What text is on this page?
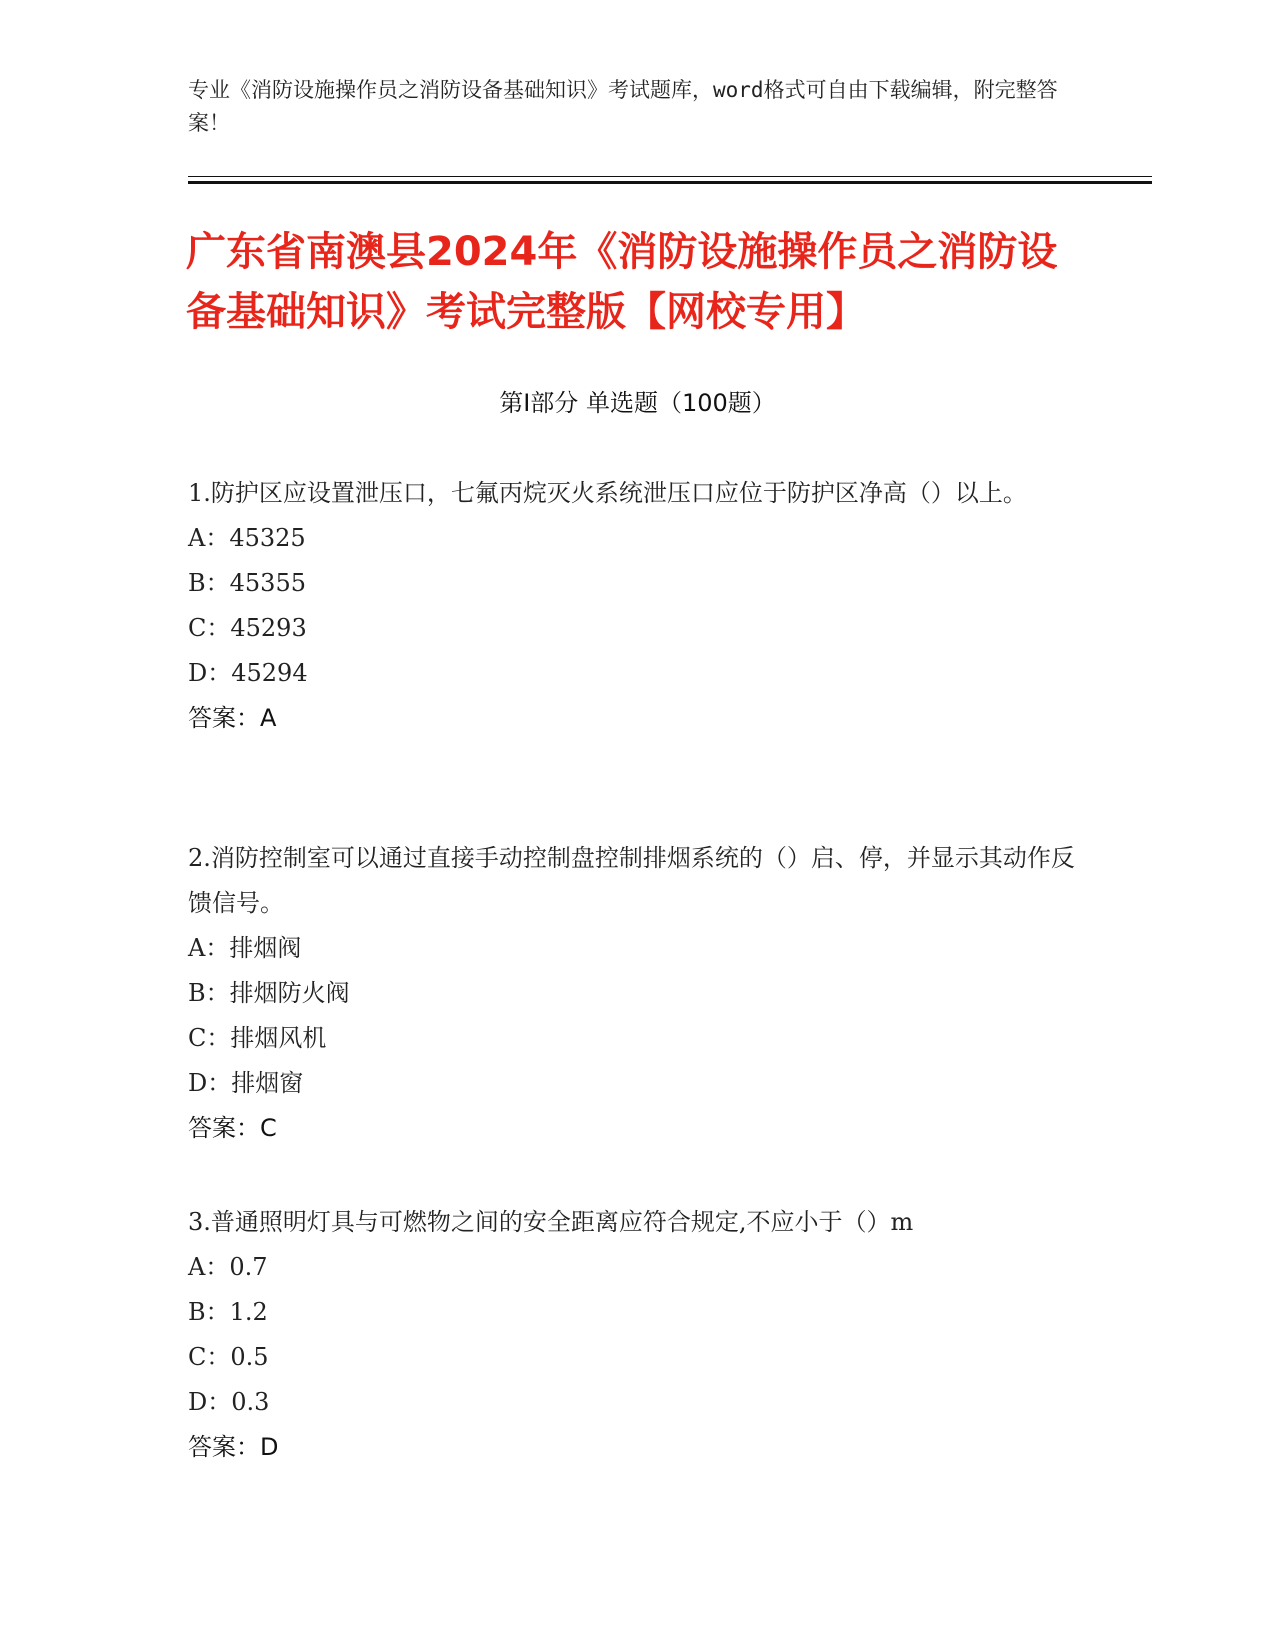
专业《消防设施操作员之消防设备基础知识》考试题库，word格式可自由下载编辑，附完整答案！
广东省南澳县2024年《消防设施操作员之消防设备基础知识》考试完整版【网校专用】
第I部分 单选题（100题）

1.防护区应设置泄压口，七氟丙烷灭火系统泄压口应位于防护区净高（）以上。

A：45325

B：45355

C：45293

D：45294

答案：A

2.消防控制室可以通过直接手动控制盘控制排烟系统的（）启、停，并显示其动作反馈信号。

A：排烟阀

B：排烟防火阀

C：排烟风机

D：排烟窗

答案：C

3.普通照明灯具与可燃物之间的安全距离应符合规定,不应小于（）m

A：0.7

B：1.2

C：0.5

D：0.3

答案：D
